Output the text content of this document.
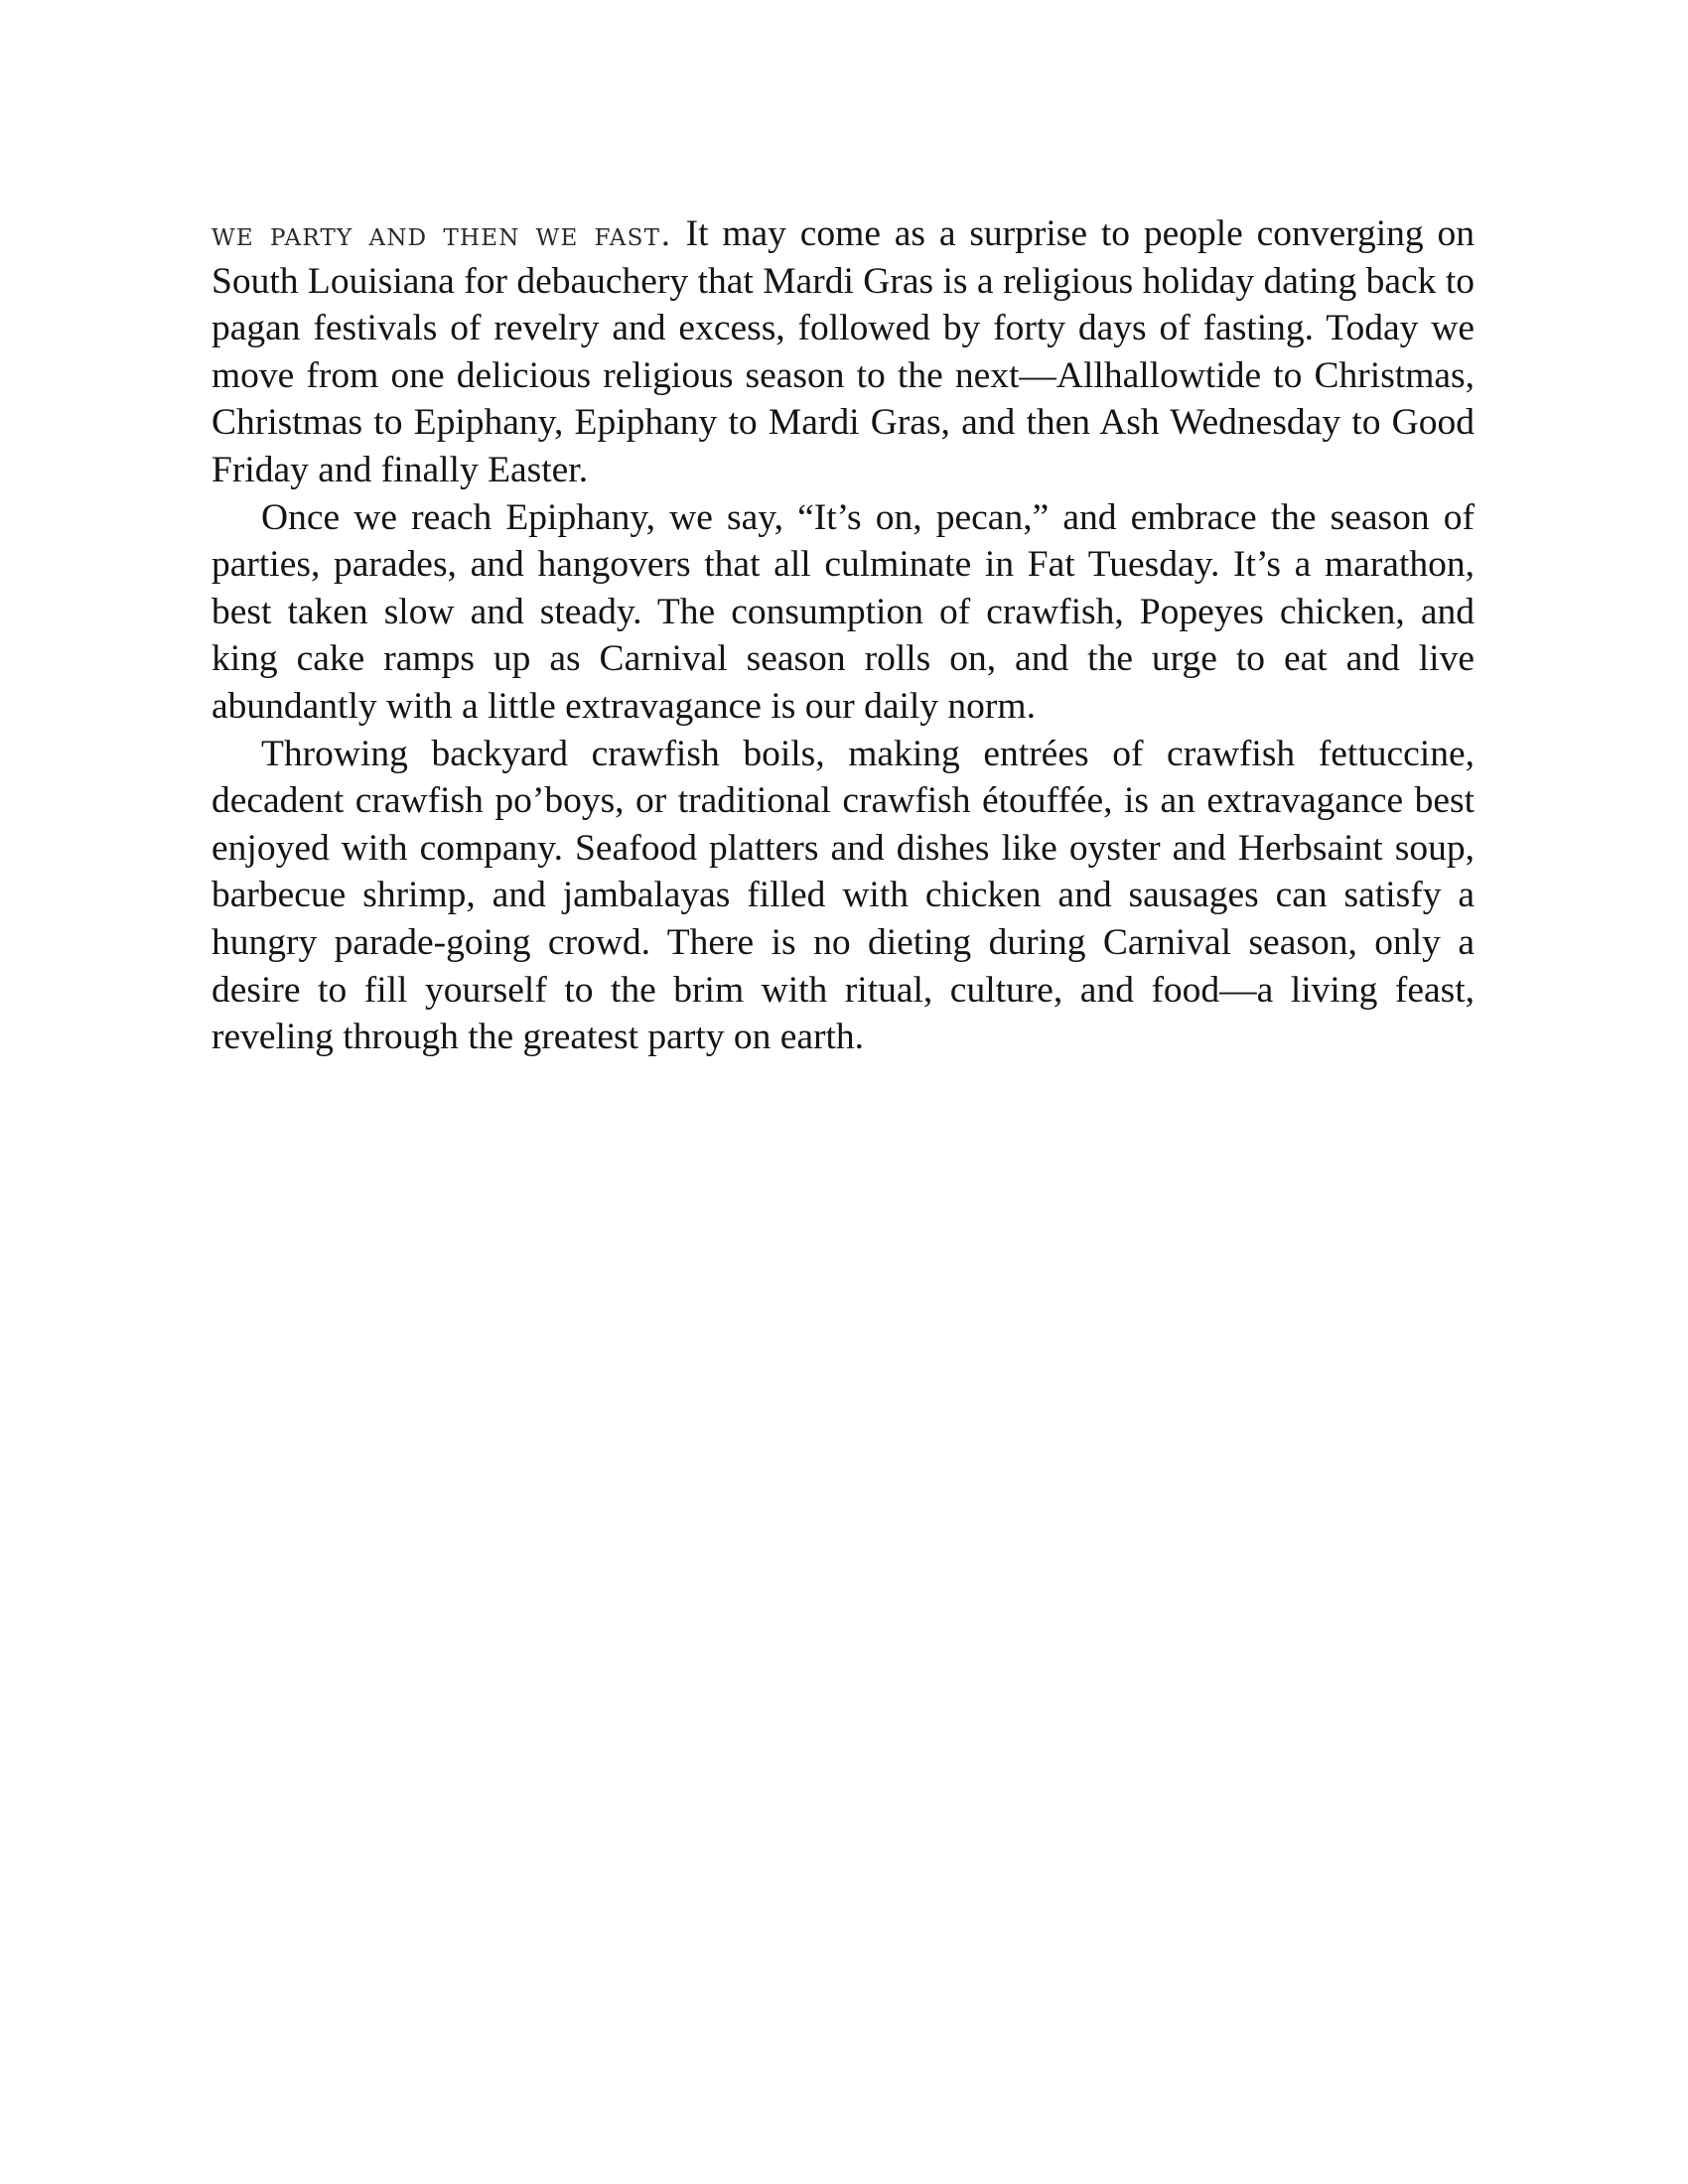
we party and then we fast. It may come as a surprise to people converging on South Louisiana for debauchery that Mardi Gras is a religious holiday dating back to pagan festivals of revelry and excess, followed by forty days of fasting. Today we move from one delicious religious season to the next—Allhallowtide to Christmas, Christmas to Epiphany, Epiphany to Mardi Gras, and then Ash Wednesday to Good Friday and finally Easter.

Once we reach Epiphany, we say, “It’s on, pecan,” and embrace the season of parties, parades, and hangovers that all culminate in Fat Tuesday. It’s a marathon, best taken slow and steady. The consumption of crawfish, Popeyes chicken, and king cake ramps up as Carnival season rolls on, and the urge to eat and live abundantly with a little extravagance is our daily norm.

Throwing backyard crawfish boils, making entrées of crawfish fettuccine, decadent crawfish po’boys, or traditional crawfish étouffée, is an extravagance best enjoyed with company. Seafood platters and dishes like oyster and Herbsaint soup, barbecue shrimp, and jambalayas filled with chicken and sausages can satisfy a hungry parade-going crowd. There is no dieting during Carnival season, only a desire to fill yourself to the brim with ritual, culture, and food—a living feast, reveling through the greatest party on earth.
